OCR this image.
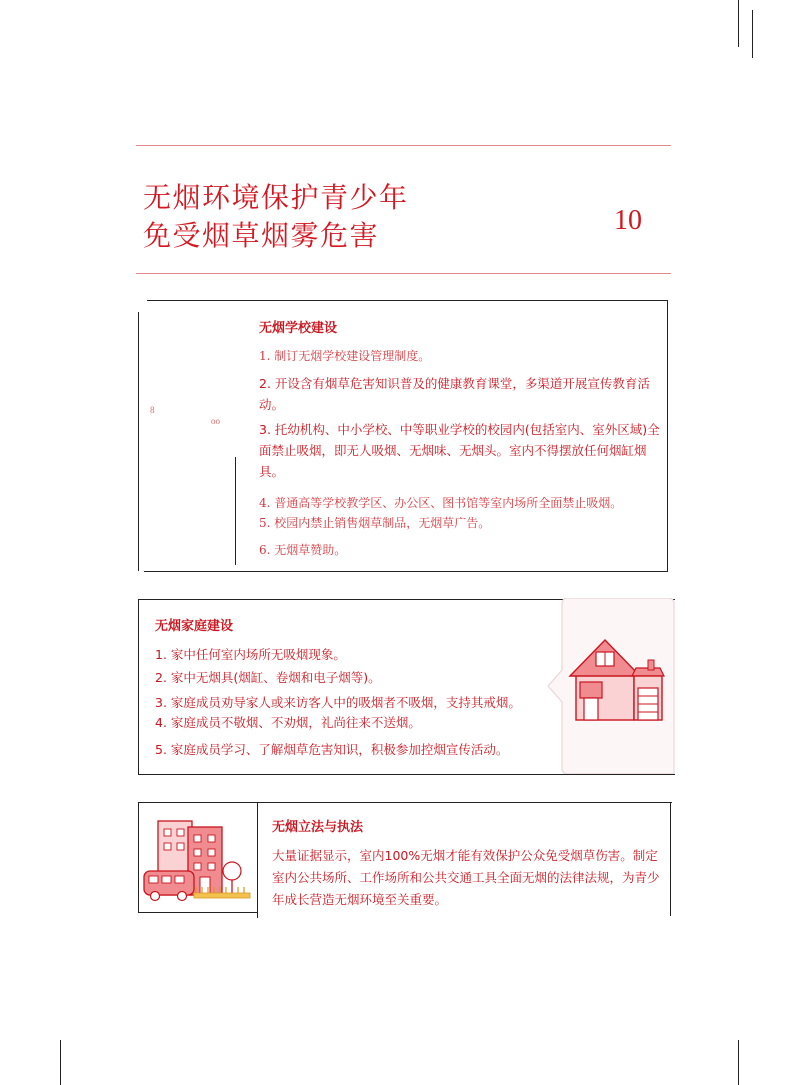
无烟环境保护青少年
免受烟草烟雾危害	10
8
oo
无烟学校建设
1. 制订无烟学校建设管理制度。
2. 开设含有烟草危害知识普及的健康教育课堂，多渠道开展宣传教育活动。
3. 托幼机构、中小学校、中等职业学校的校园内(包括室内、室外区域)全面禁止吸烟，即无人吸烟、无烟味、无烟头。室内不得摆放任何烟缸烟具。
4. 普通高等学校教学区、办公区、图书馆等室内场所全面禁止吸烟。
5. 校园内禁止销售烟草制品，无烟草广告。
6. 无烟草赞助。
无烟家庭建设
1. 家中任何室内场所无吸烟现象。
2. 家中无烟具(烟缸、卷烟和电子烟等)。
3. 家庭成员劝导家人或来访客人中的吸烟者不吸烟，支持其戒烟。
4. 家庭成员不敬烟、不劝烟，礼尚往来不送烟。
5. 家庭成员学习、了解烟草危害知识，积极参加控烟宣传活动。
无烟立法与执法
大量证据显示，室内100%无烟才能有效保护公众免受烟草伤害。制定室内公共场所、工作场所和公共交通工具全面无烟的法律法规，为青少年成长营造无烟环境至关重要。
